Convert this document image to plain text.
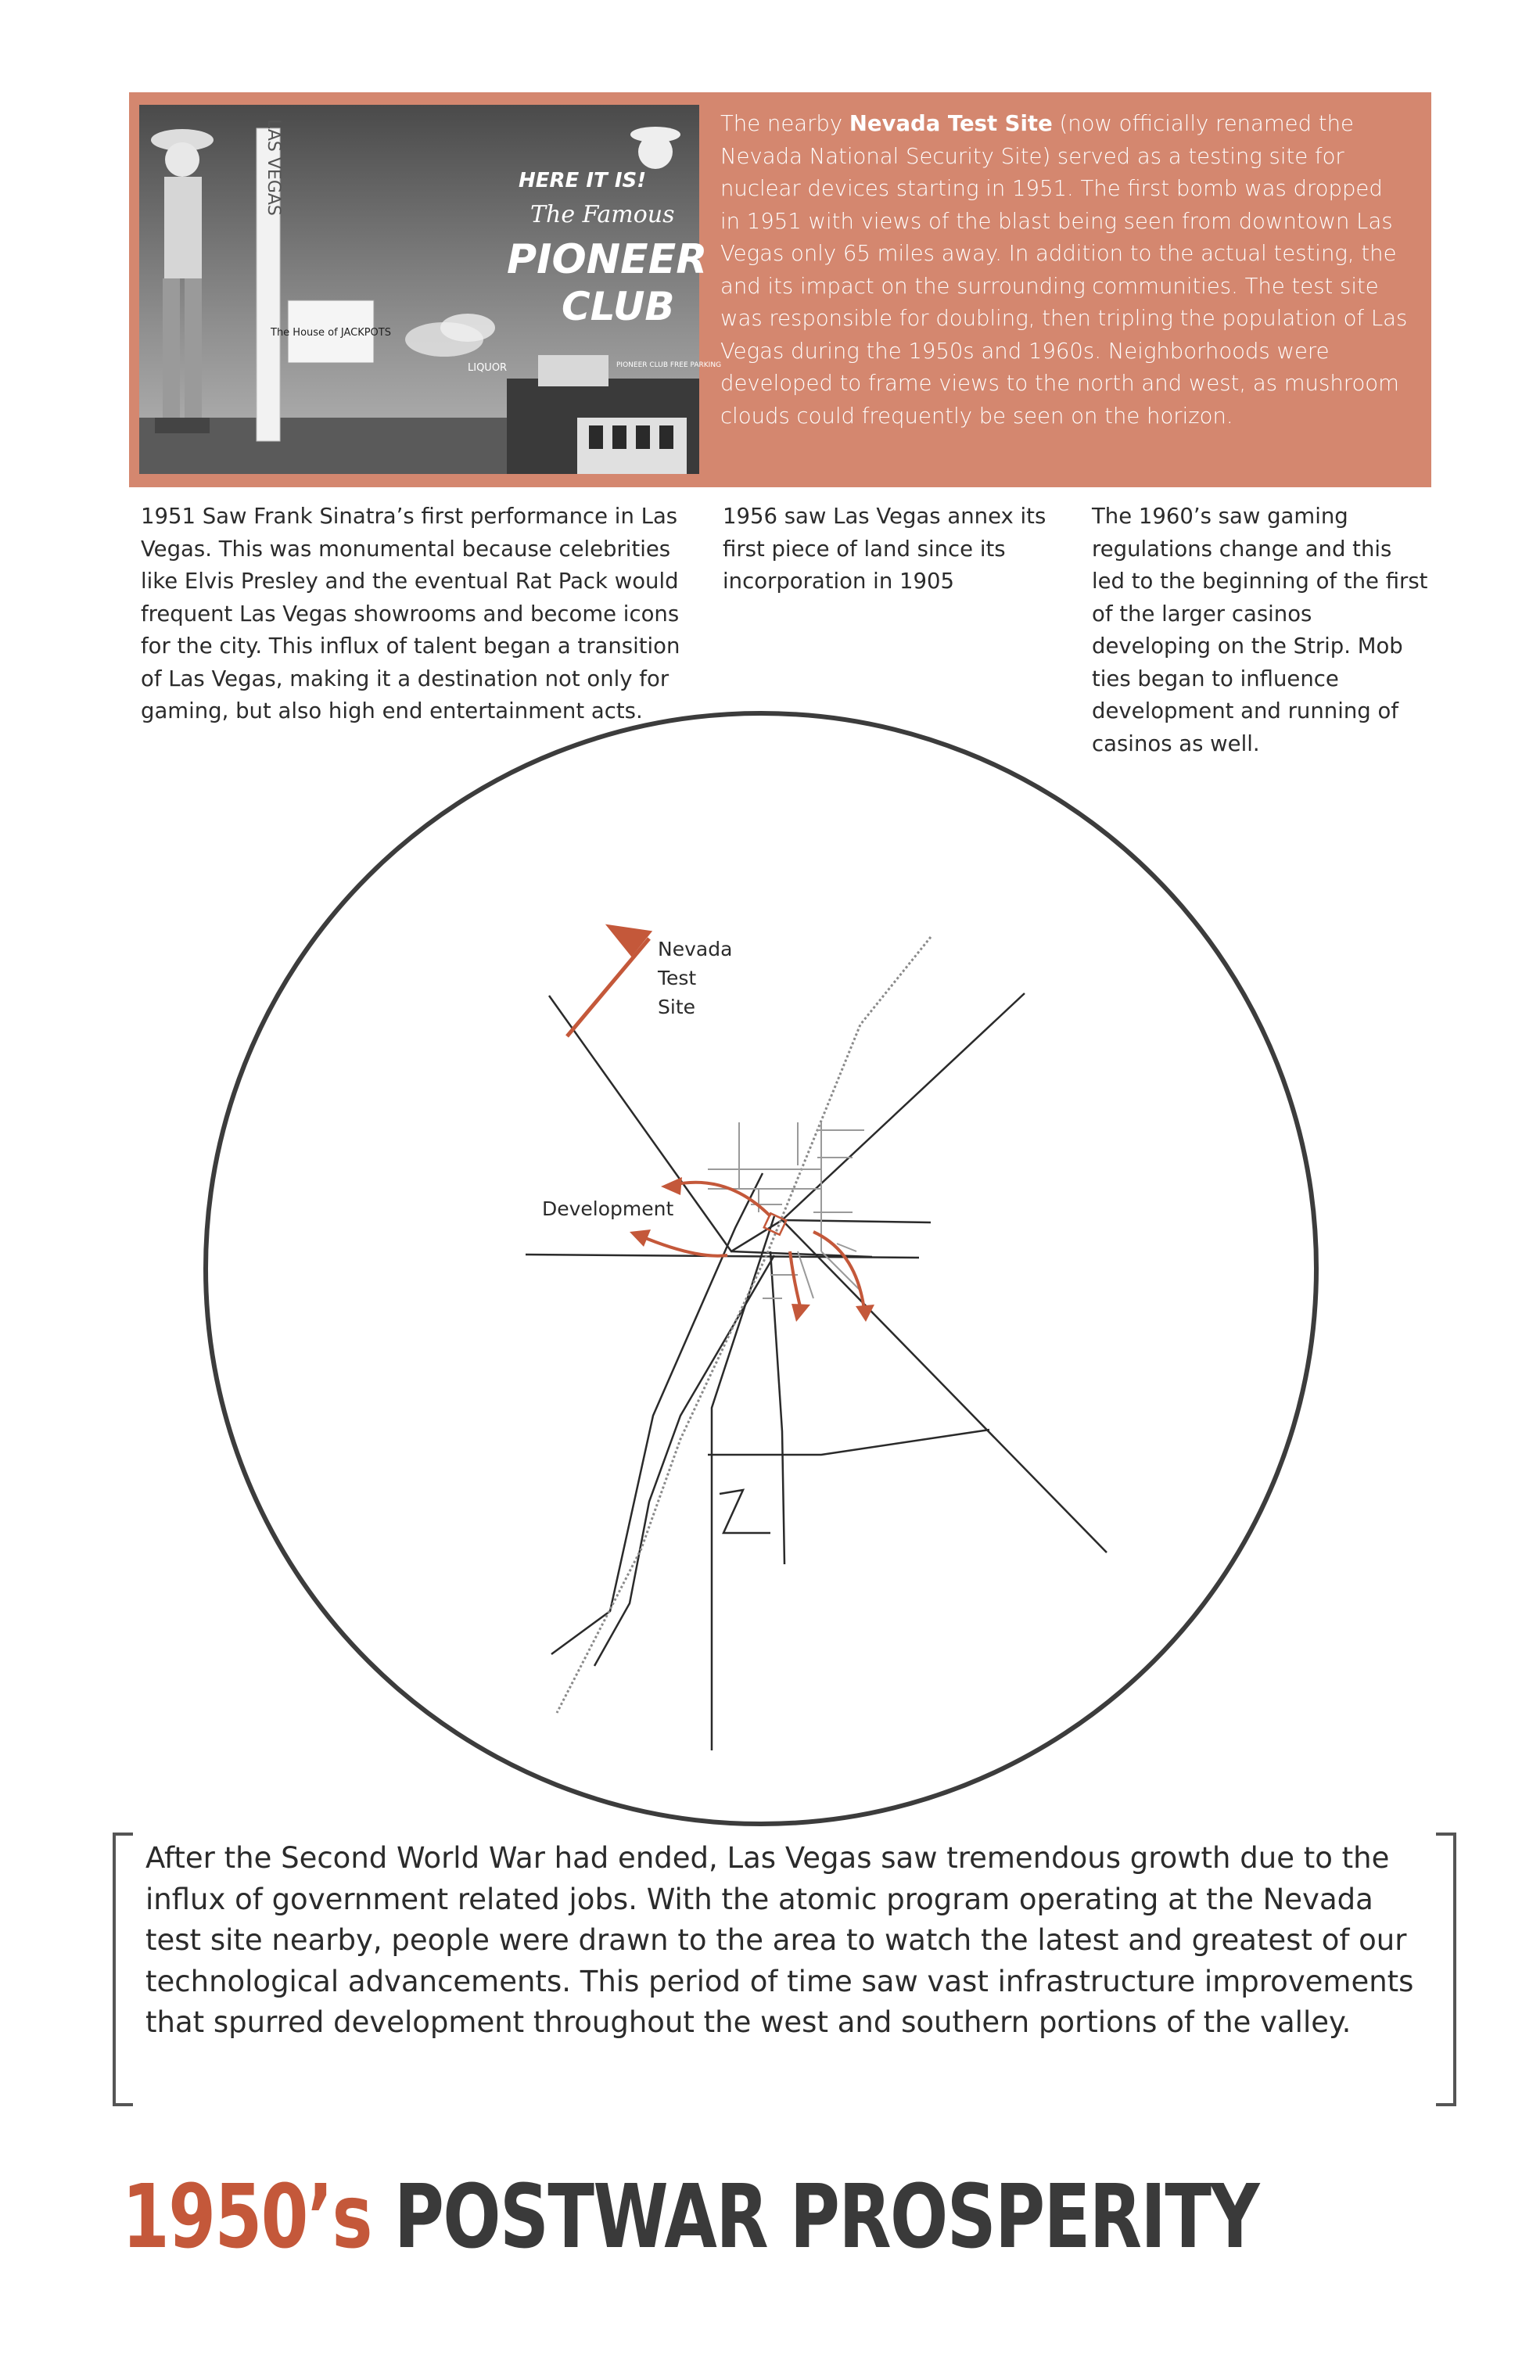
LAS VEGAS
The House of JACKPOTS
HERE IT IS!
The Famous
PIONEER
CLUB
LIQUOR	PIONEER CLUB FREE PARKING
The nearby Nevada Test Site (now officially renamed the Nevada National Security Site) served as a testing site for nuclear devices starting in 1951. The first bomb was dropped in 1951 with views of the blast being seen from downtown Las Vegas only 65 miles away. In addition to the actual testing, the and its impact on the surrounding communities. The test site was responsible for doubling, then tripling the population of Las Vegas during the 1950s and 1960s. Neighborhoods were developed to frame views to the north and west, as mushroom clouds could frequently be seen on the horizon.
1951 Saw Frank Sinatra’s first performance in Las Vegas. This was monumental because celebrities like Elvis Presley and the eventual Rat Pack would frequent Las Vegas showrooms and become icons for the city. This influx of talent began a transition of Las Vegas, making it a destination not only for gaming, but also high end entertainment acts.
1956 saw Las Vegas annex its first piece of land since its incorporation in 1905
The 1960’s saw gaming regulations change and this led to the beginning of the first of the larger casinos developing on the Strip. Mob ties began to influence development and running of casinos as well.
Nevada
Test
Site
Development
After the Second World War had ended, Las Vegas saw tremendous growth due to the influx of government related jobs. With the atomic program operating at the Nevada test site nearby, people were drawn to the area to watch the latest and greatest of our technological advancements. This period of time saw vast infrastructure improvements that spurred development throughout the west and southern portions of the valley.
1950’s POSTWAR PROSPERITY
